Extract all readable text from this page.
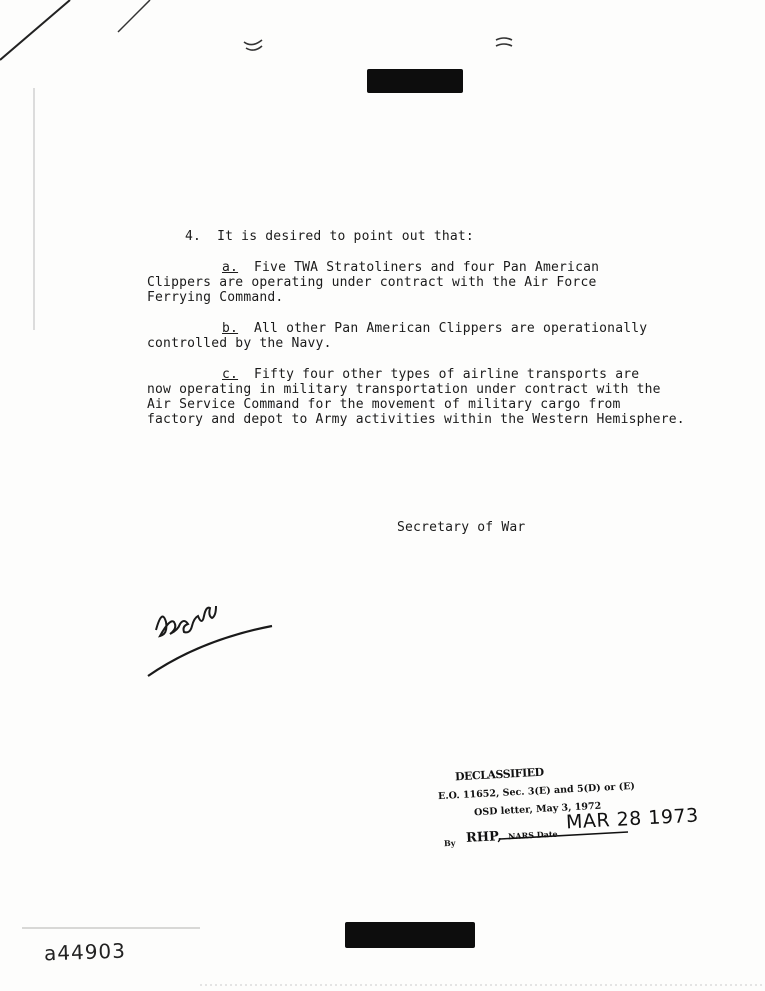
4.  It is desired to point out that:
a. Five TWA Stratoliners and four Pan American
Clippers are operating under contract with the Air Force
Ferrying Command.
b. All other Pan American Clippers are operationally
controlled by the Navy.
c. Fifty four other types of airline transports are
now operating in military transportation under contract with the
Air Service Command for the movement of military cargo from
factory and depot to Army activities within the Western Hemisphere.
Secretary of War
DECLASSIFIED
E.O. 11652, Sec. 3(E) and 5(D) or (E)
OSD letter, May 3, 1972
By RHP, NARS Date
MAR 28 1973
a44903
